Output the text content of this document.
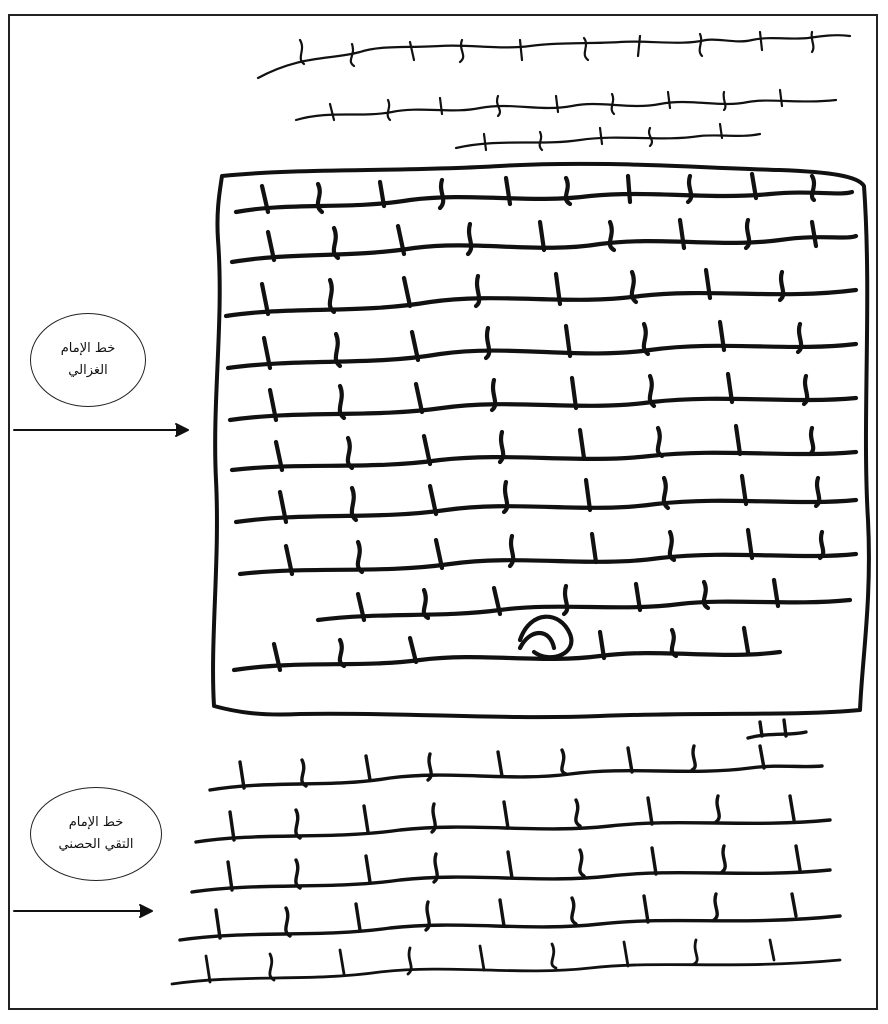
خط الإمام
الغزالي
خط الإمام
التقي الحصني
